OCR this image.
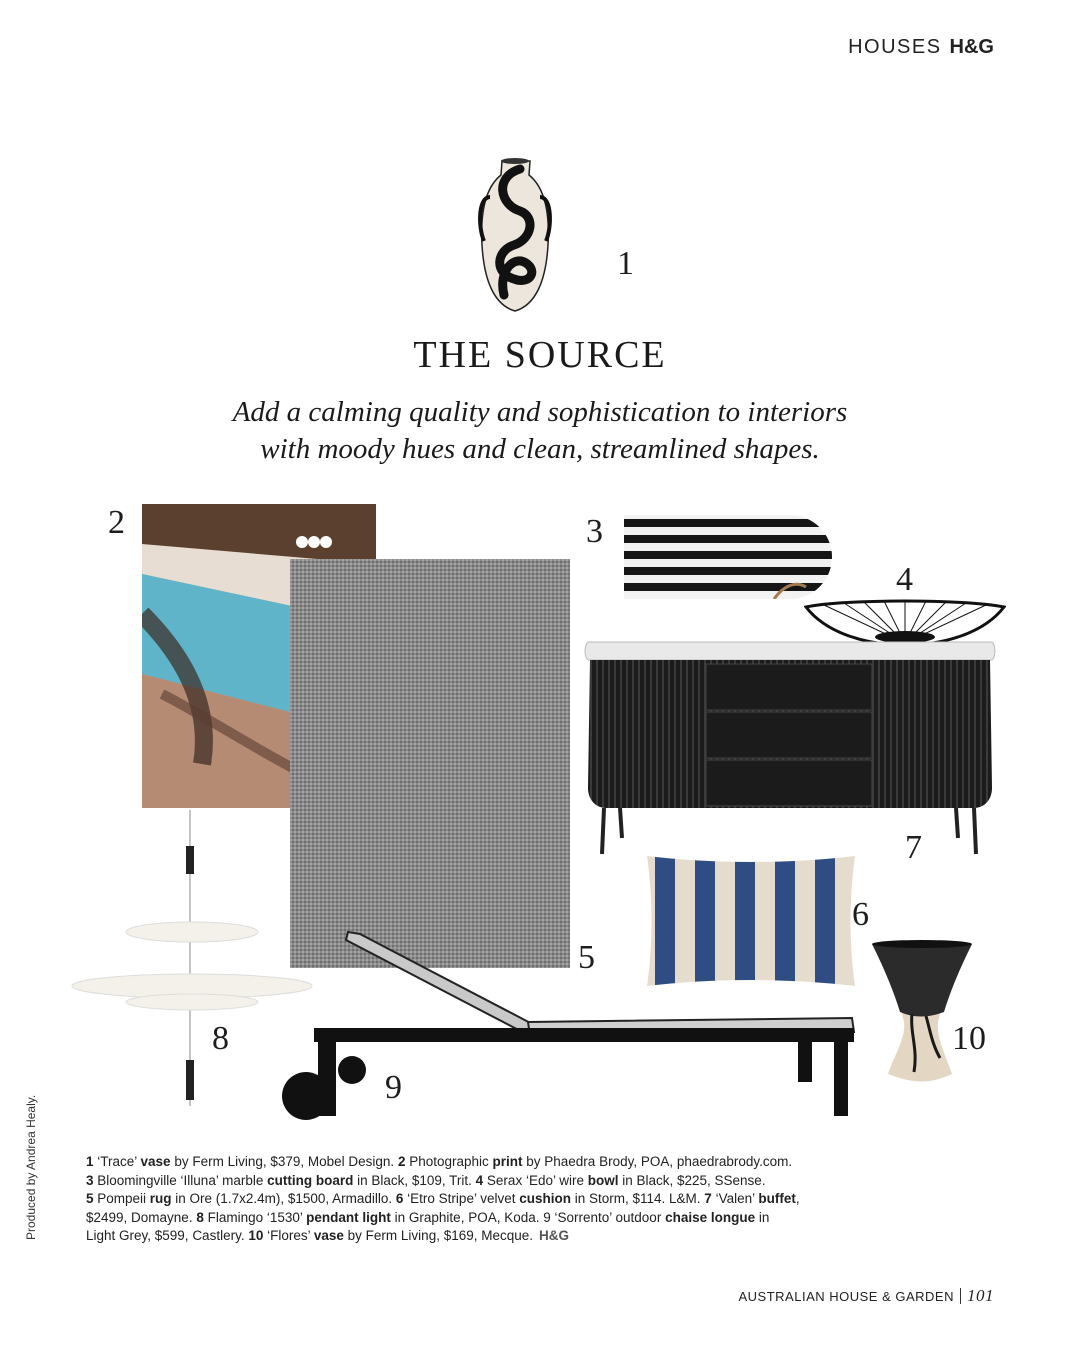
HOUSES H&G
1
THE SOURCE
Add a calming quality and sophistication to interiors
with moody hues and clean, streamlined shapes.
2
5
3
4
7
6
8
9
10
Produced by Andrea Healy.	1 ‘Trace’ vase by Ferm Living, $379, Mobel Design. 2 Photographic print by Phaedra Brody, POA, phaedrabrody.com.
3 Bloomingville ‘Illuna’ marble cutting board in Black, $109, Trit. 4 Serax ‘Edo’ wire bowl in Black, $225, SSense.
5 Pompeii rug in Ore (1.7x2.4m), $1500, Armadillo. 6 ‘Etro Stripe’ velvet cushion in Storm, $114. L&M. 7 ‘Valen’ buffet,
$2499, Domayne. 8 Flamingo ‘1530’ pendant light in Graphite, POA, Koda. 9 ‘Sorrento’ outdoor chaise longue in
Light Grey, $599, Castlery. 10 ‘Flores’ vase by Ferm Living, $169, Mecque. H&G
AUSTRALIAN HOUSE & GARDEN 101
